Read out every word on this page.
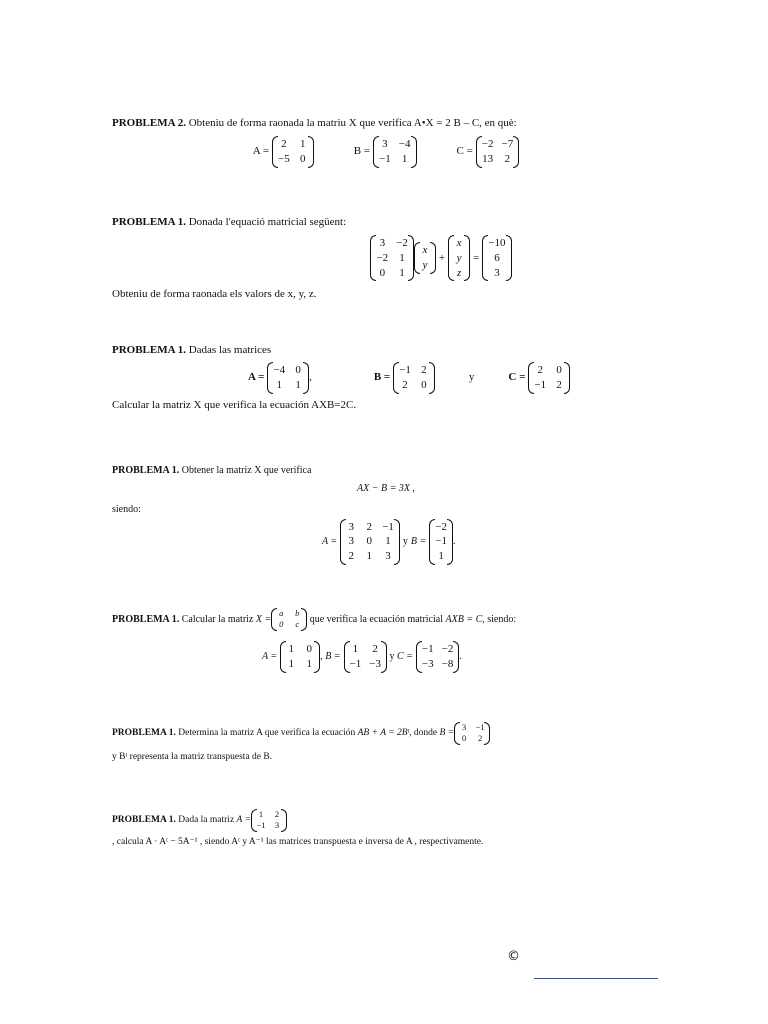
PROBLEMA 2. Obteniu de forma raonada la matriu X que verifica A•X = 2 B – C, en què:
A =
2 1
−5 0
B =
3 −4
−1 1
C =
−2 −7
13 2
PROBLEMA 1. Donada l'equació matricial següent:
3 −2
−2 1
0 1
x
y
+
x
y
z
=
−10
6
3
Obteniu de forma raonada els valors de x, y, z.
PROBLEMA 1. Dadas las matrices
A =
−4 0
1 1
,	B =
−1 2
2 0
y	C =
2 0
−1 2
Calcular la matriz X que verifica la ecuación AXB=2C.
PROBLEMA 1. Obtener la matriz X que verifica
AX − B = 3X ,
siendo:
A =
3 2 −1
3 0 1
2 1 3
y B =
−2
−1
1
.
PROBLEMA 1.
Calcular la matriz
X =
a	b
0	c
	que verifica la ecuación matricial
AXB = C , siendo:
A =
1 0
1 1
, B =
1 2
−1 −3

y
C =
−1 −2
−3 −8
.
PROBLEMA 1.
Determina la matriz A que verifica la ecuación
AB + A = 2Bᵗ , donde
B =
3	−1
0	2

y Bᵗ representa la matriz transpuesta de B.
PROBLEMA 1.
Dada la matriz
A =
1	2
−1	3
, calcula A · Aᵗ − 5A⁻¹ , siendo Aᵗ y A⁻¹ las matrices transpuesta e inversa de A , respectivamente.
©
